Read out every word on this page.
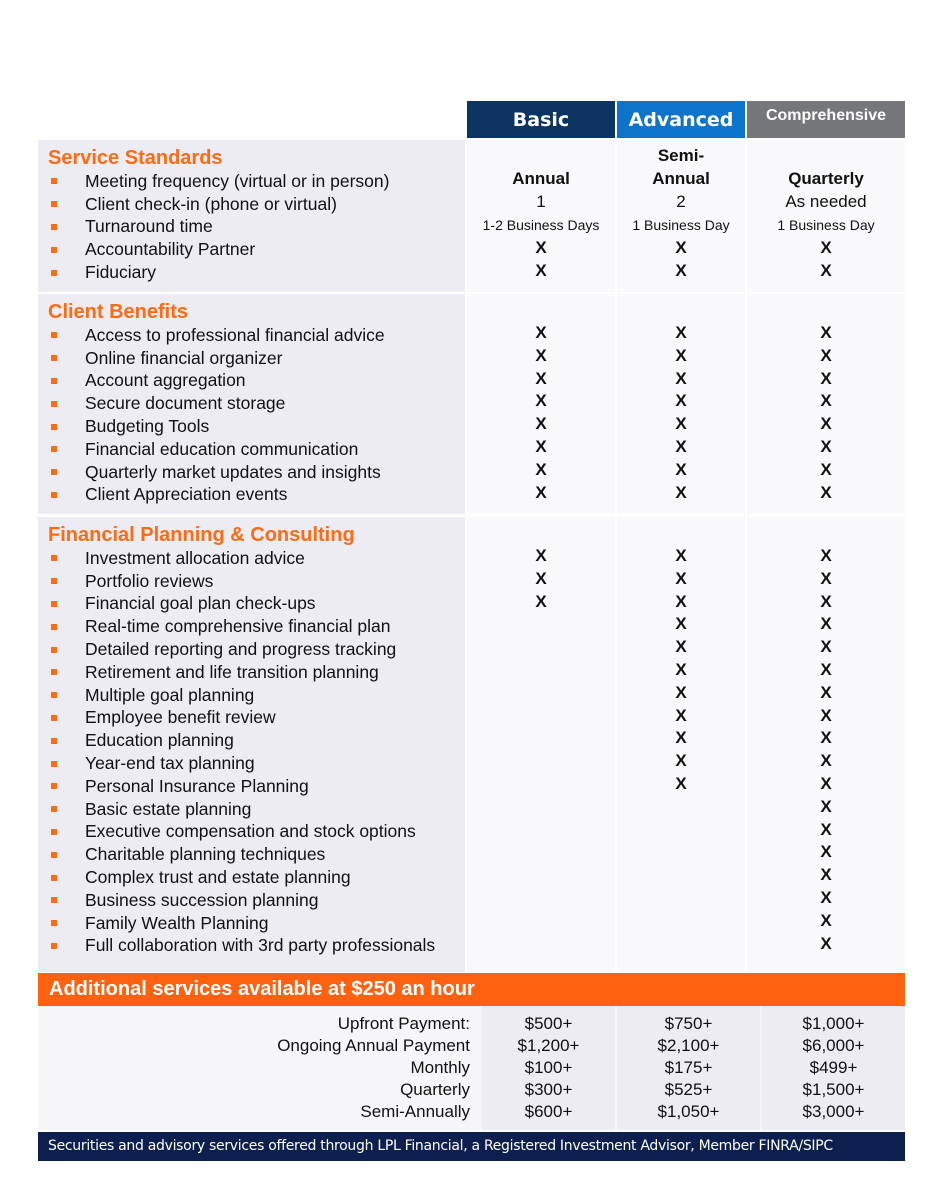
Basic	Advanced	Comprehensive
Service Standards
Meeting frequency (virtual or in person)
Client check-in (phone or virtual)
Turnaround time
Accountability Partner
Fiduciary
Annual
1
1-2 Business Days
X
X
Semi-
Annual
2
1 Business Day
X
X
Quarterly
As needed
1 Business Day
X
X
Client Benefits
Access to professional financial advice
Online financial organizer
Account aggregation
Secure document storage
Budgeting Tools
Financial education communication
Quarterly market updates and insights
Client Appreciation events
X
X
X
X
X
X
X
X
X
X
X
X
X
X
X
X
X
X
X
X
X
X
X
X
Financial Planning & Consulting
Investment allocation advice
Portfolio reviews
Financial goal plan check-ups
Real-time comprehensive financial plan
Detailed reporting and progress tracking
Retirement and life transition planning
Multiple goal planning
Employee benefit review
Education planning
Year-end tax planning
Personal Insurance Planning
Basic estate planning
Executive compensation and stock options
Charitable planning techniques
Complex trust and estate planning
Business succession planning
Family Wealth Planning
Full collaboration with 3rd party professionals
X
X
X
X
X
X
X
X
X
X
X
X
X
X
X
X
X
X
X
X
X
X
X
X
X
X
X
X
X
X
X
X
Additional services available at $250 an hour
Upfront Payment:
Ongoing Annual Payment
Monthly
Quarterly
Semi-Annually
$500+
$1,200+
$100+
$300+
$600+
$750+
$2,100+
$175+
$525+
$1,050+
$1,000+
$6,000+
$499+
$1,500+
$3,000+
Securities and advisory services offered through LPL Financial, a Registered Investment Advisor, Member FINRA/SIPC
